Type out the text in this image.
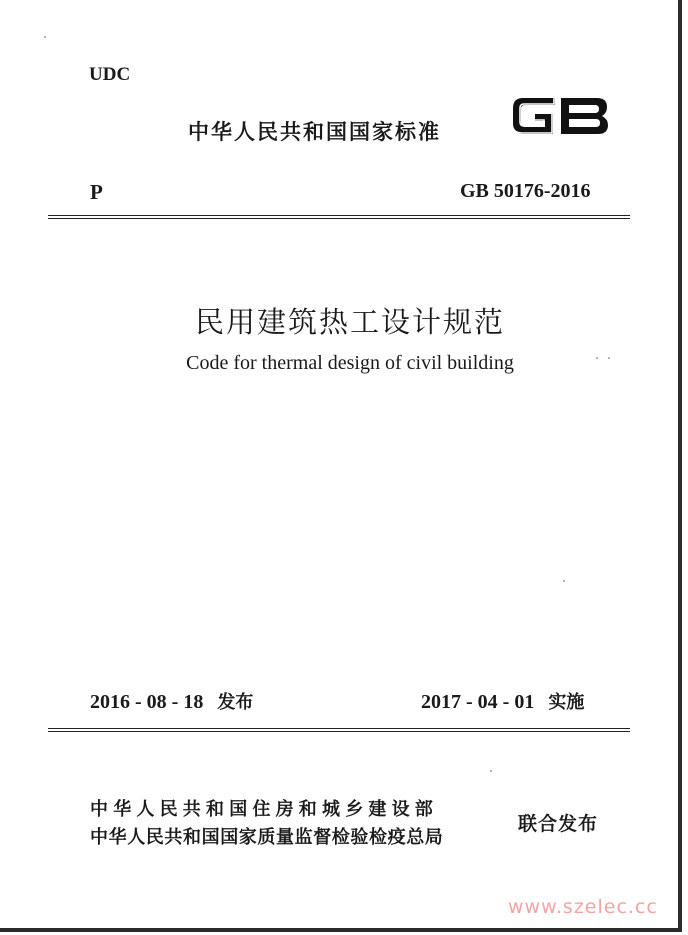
UDC
中华人民共和国国家标准
P	GB 50176-2016
民用建筑热工设计规范
Code for thermal design of civil building
2016 - 08 - 18 发布	2017 - 04 - 01 实施
中华人民共和国住房和城乡建设部
中华人民共和国国家质量监督检验检疫总局
联合发布
www.szelec.cc
